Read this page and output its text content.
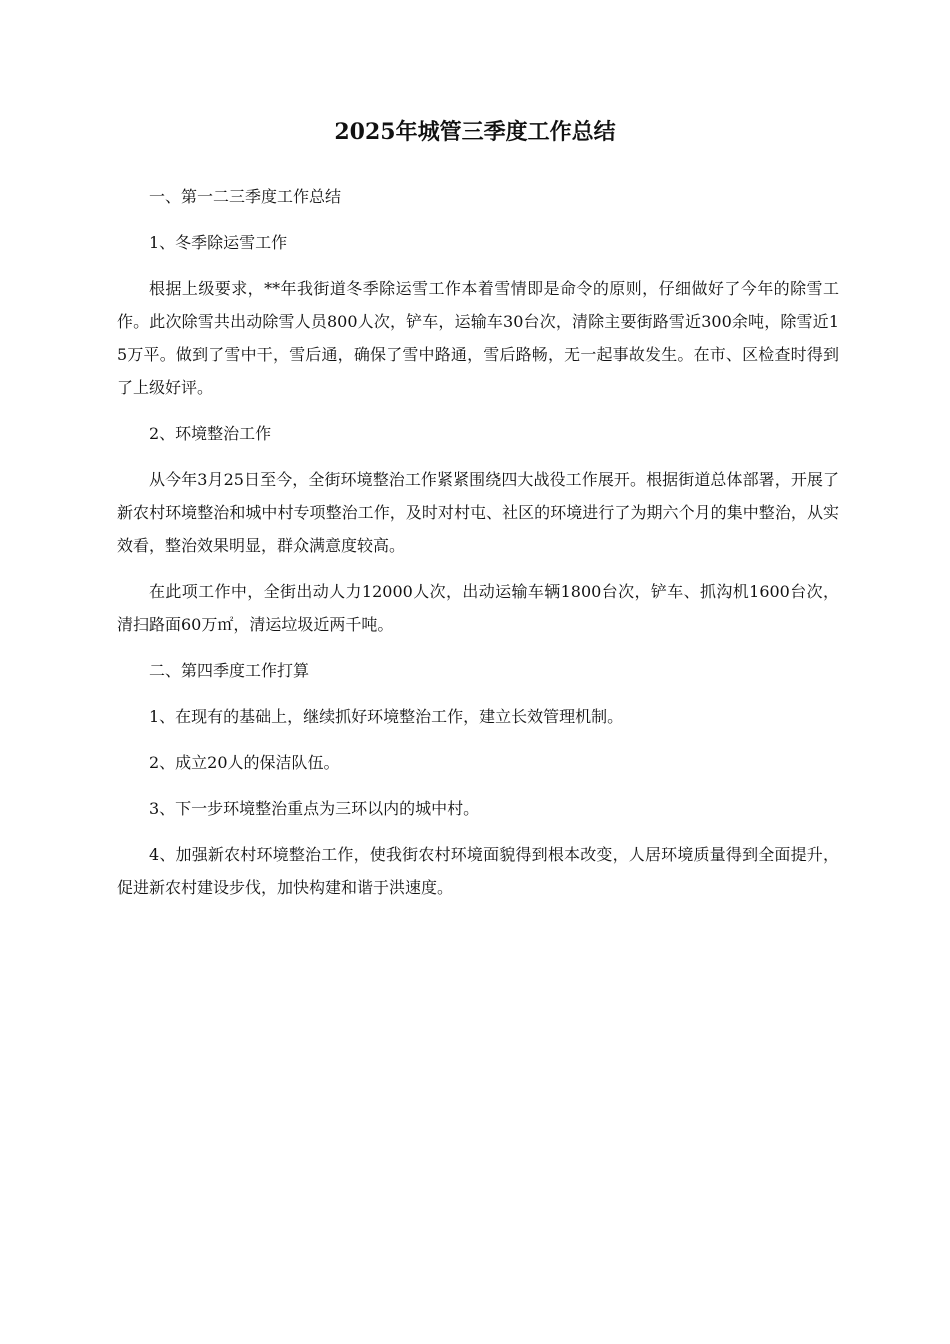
2025年城管三季度工作总结

一、第一二三季度工作总结

1、冬季除运雪工作

根据上级要求，**年我街道冬季除运雪工作本着雪情即是命令的原则，仔细做好了今年的除雪工作。此次除雪共出动除雪人员800人次，铲车，运输车30台次，清除主要街路雪近300余吨，除雪近15万平。做到了雪中干，雪后通，确保了雪中路通，雪后路畅，无一起事故发生。在市、区检查时得到了上级好评。

2、环境整治工作

从今年3月25日至今，全街环境整治工作紧紧围绕四大战役工作展开。根据街道总体部署，开展了新农村环境整治和城中村专项整治工作，及时对村屯、社区的环境进行了为期六个月的集中整治，从实效看，整治效果明显，群众满意度较高。

在此项工作中，全街出动人力12000人次，出动运输车辆1800台次，铲车、抓沟机1600台次，清扫路面60万㎡，清运垃圾近两千吨。

二、第四季度工作打算

1、在现有的基础上，继续抓好环境整治工作，建立长效管理机制。

2、成立20人的保洁队伍。

3、下一步环境整治重点为三环以内的城中村。

4、加强新农村环境整治工作，使我街农村环境面貌得到根本改变，人居环境质量得到全面提升，促进新农村建设步伐，加快构建和谐于洪速度。
